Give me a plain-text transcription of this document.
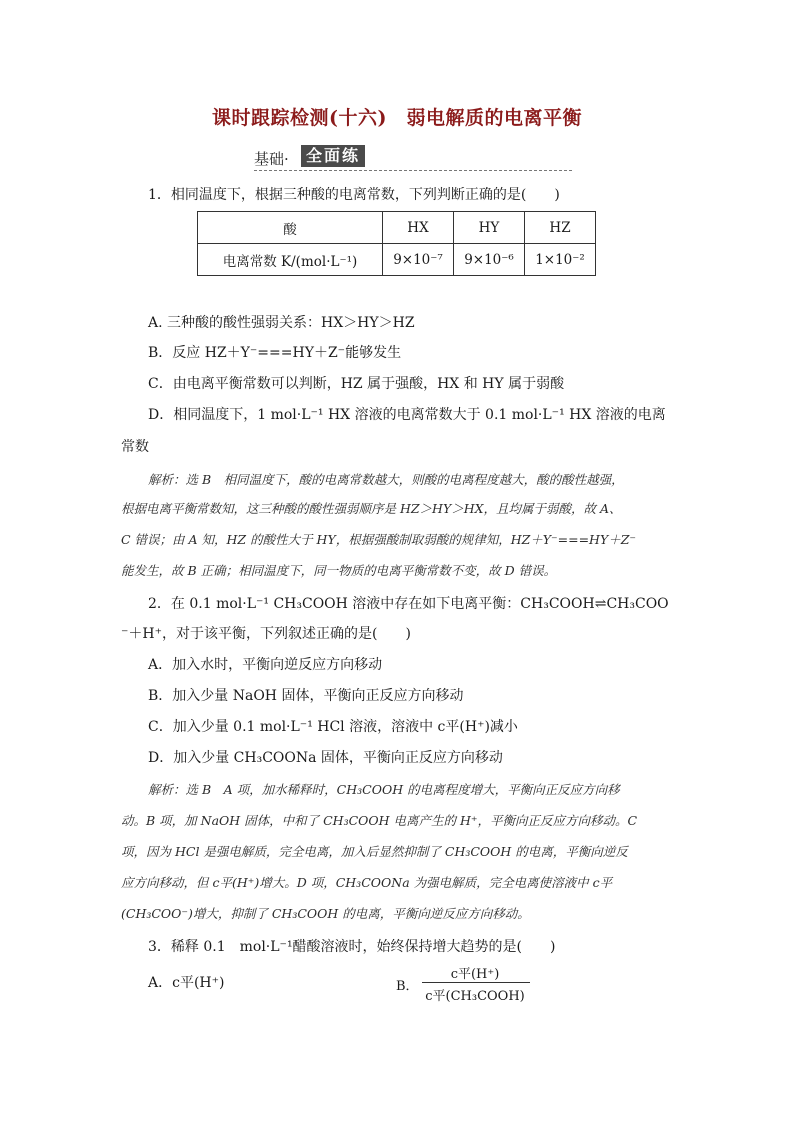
课时跟踪检测(十六)　弱电解质的电离平衡
基础·	全面练
1．相同温度下，根据三种酸的电离常数，下列判断正确的是(　　)
酸	HX	HY	HZ
电离常数 K/(mol·L⁻¹)	9×10⁻⁷	9×10⁻⁶	1×10⁻²
A. 三种酸的酸性强弱关系：HX＞HY＞HZ
B．反应 HZ＋Y⁻===HY＋Z⁻能够发生
C．由电离平衡常数可以判断，HZ 属于强酸，HX 和 HY 属于弱酸
D．相同温度下，1 mol·L⁻¹ HX 溶液的电离常数大于 0.1 mol·L⁻¹ HX 溶液的电离
常数
解析：选 B　相同温度下，酸的电离常数越大，则酸的电离程度越大，酸的酸性越强，
根据电离平衡常数知，这三种酸的酸性强弱顺序是 HZ＞HY＞HX，且均属于弱酸，故 A、
C 错误；由 A 知，HZ 的酸性大于 HY，根据强酸制取弱酸的规律知，HZ＋Y⁻===HY＋Z⁻
能发生，故 B 正确；相同温度下，同一物质的电离平衡常数不变，故 D 错误。
2．在 0.1 mol·L⁻¹ CH₃COOH 溶液中存在如下电离平衡：CH₃COOH⇌CH₃COO
⁻＋H⁺，对于该平衡，下列叙述正确的是(　　)
A．加入水时，平衡向逆反应方向移动
B．加入少量 NaOH 固体，平衡向正反应方向移动
C．加入少量 0.1 mol·L⁻¹ HCl 溶液，溶液中 c平(H⁺)减小
D．加入少量 CH₃COONa 固体，平衡向正反应方向移动
解析：选 B　A 项，加水稀释时，CH₃COOH 的电离程度增大，平衡向正反应方向移
动。B 项，加 NaOH 固体，中和了 CH₃COOH 电离产生的 H⁺，平衡向正反应方向移动。C
项，因为 HCl 是强电解质，完全电离，加入后显然抑制了 CH₃COOH 的电离，平衡向逆反
应方向移动，但 c平(H⁺)增大。D 项，CH₃COONa 为强电解质，完全电离使溶液中 c平
(CH₃COO⁻)增大，抑制了 CH₃COOH 的电离，平衡向逆反应方向移动。
3．稀释 0.1　mol·L⁻¹醋酸溶液时，始终保持增大趋势的是(　　)
A．c平(H⁺)	B．
c平(H⁺)
c平(CH₃COOH)
